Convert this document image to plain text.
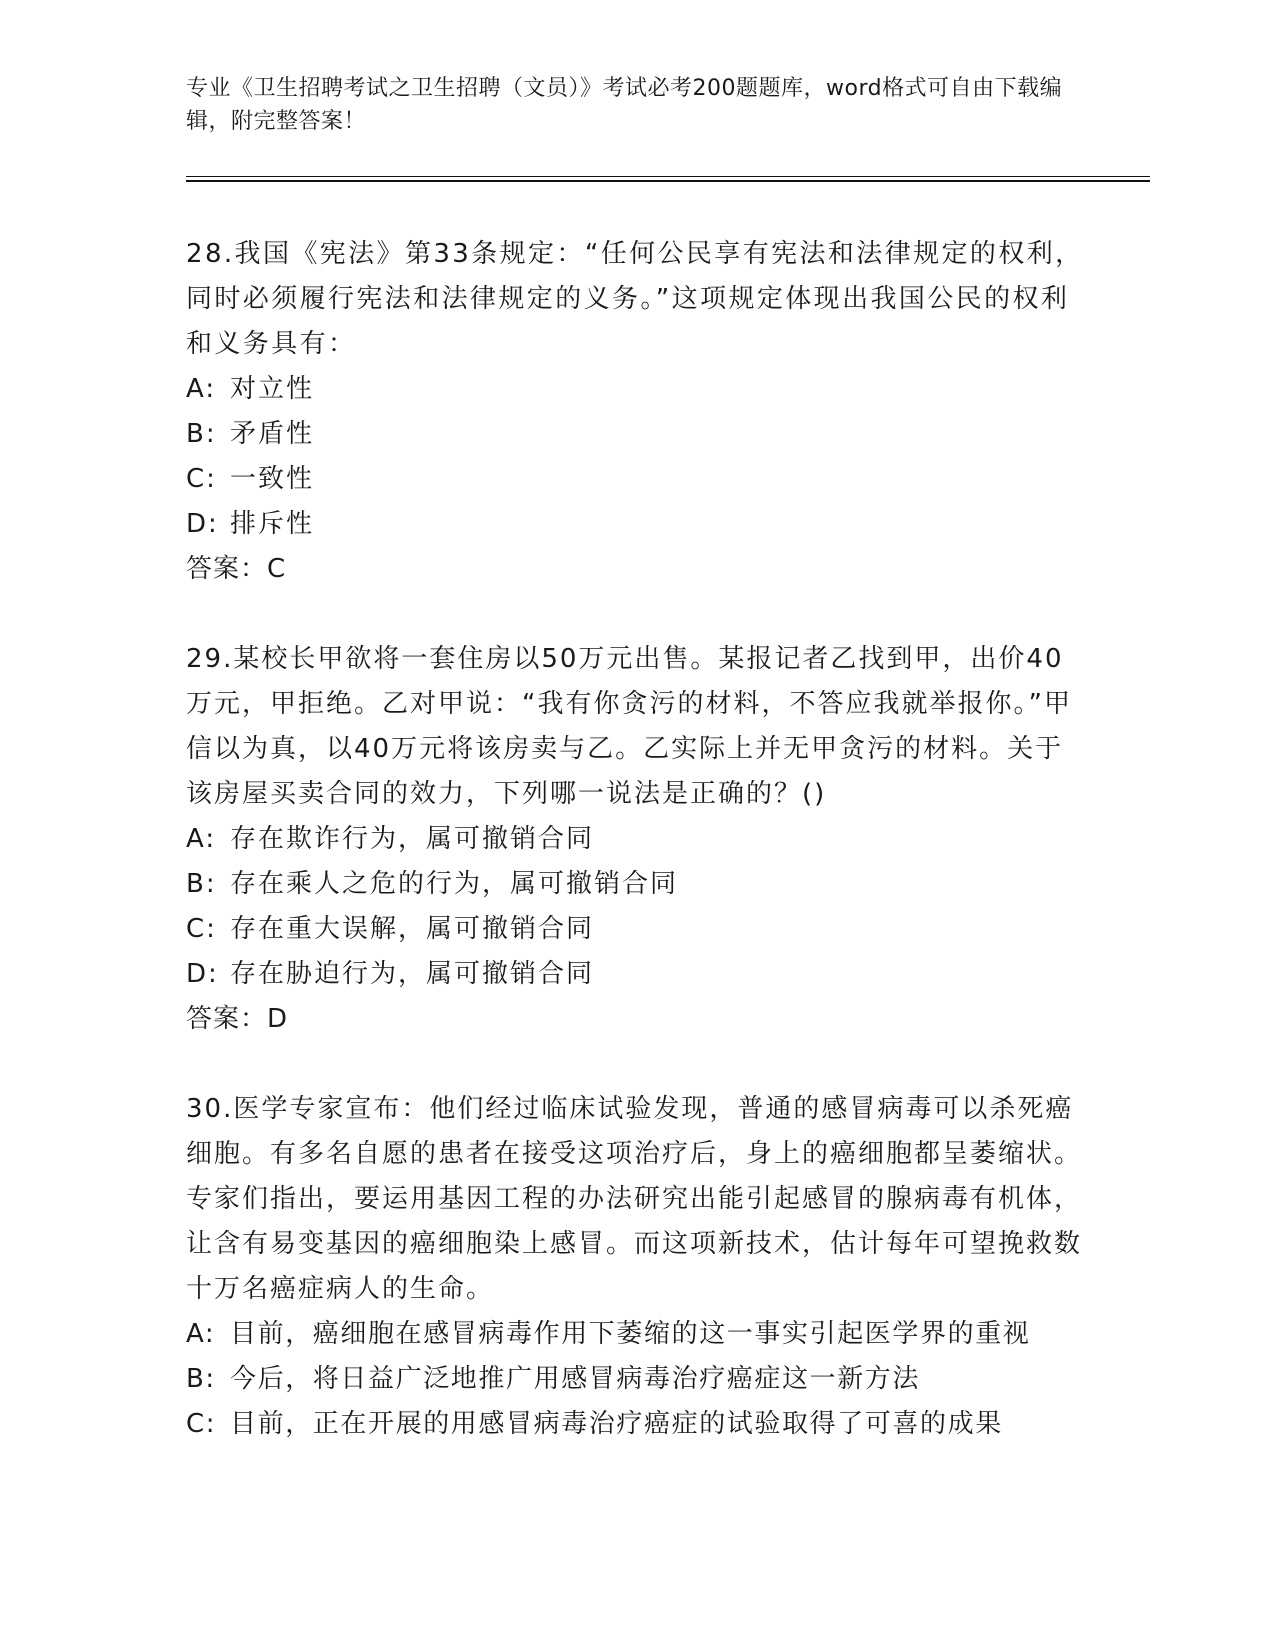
专业《卫生招聘考试之卫生招聘（文员）》考试必考200题题库，word格式可自由下载编辑，附完整答案！

28.我国《宪法》第33条规定：“任何公民享有宪法和法律规定的权利，同时必须履行宪法和法律规定的义务。”这项规定体现出我国公民的权利和义务具有：

A: 对立性

B: 矛盾性

C: 一致性

D: 排斥性

答案：C

29.某校长甲欲将一套住房以50万元出售。某报记者乙找到甲，出价40万元，甲拒绝。乙对甲说：“我有你贪污的材料，不答应我就举报你。”甲信以为真，以40万元将该房卖与乙。乙实际上并无甲贪污的材料。关于该房屋买卖合同的效力，下列哪一说法是正确的？()

A: 存在欺诈行为，属可撤销合同

B: 存在乘人之危的行为，属可撤销合同

C: 存在重大误解，属可撤销合同

D: 存在胁迫行为，属可撤销合同

答案：D

30.医学专家宣布：他们经过临床试验发现，普通的感冒病毒可以杀死癌细胞。有多名自愿的患者在接受这项治疗后，身上的癌细胞都呈萎缩状。专家们指出，要运用基因工程的办法研究出能引起感冒的腺病毒有机体，让含有易变基因的癌细胞染上感冒。而这项新技术，估计每年可望挽救数十万名癌症病人的生命。

A: 目前，癌细胞在感冒病毒作用下萎缩的这一事实引起医学界的重视

B: 今后，将日益广泛地推广用感冒病毒治疗癌症这一新方法

C: 目前，正在开展的用感冒病毒治疗癌症的试验取得了可喜的成果
